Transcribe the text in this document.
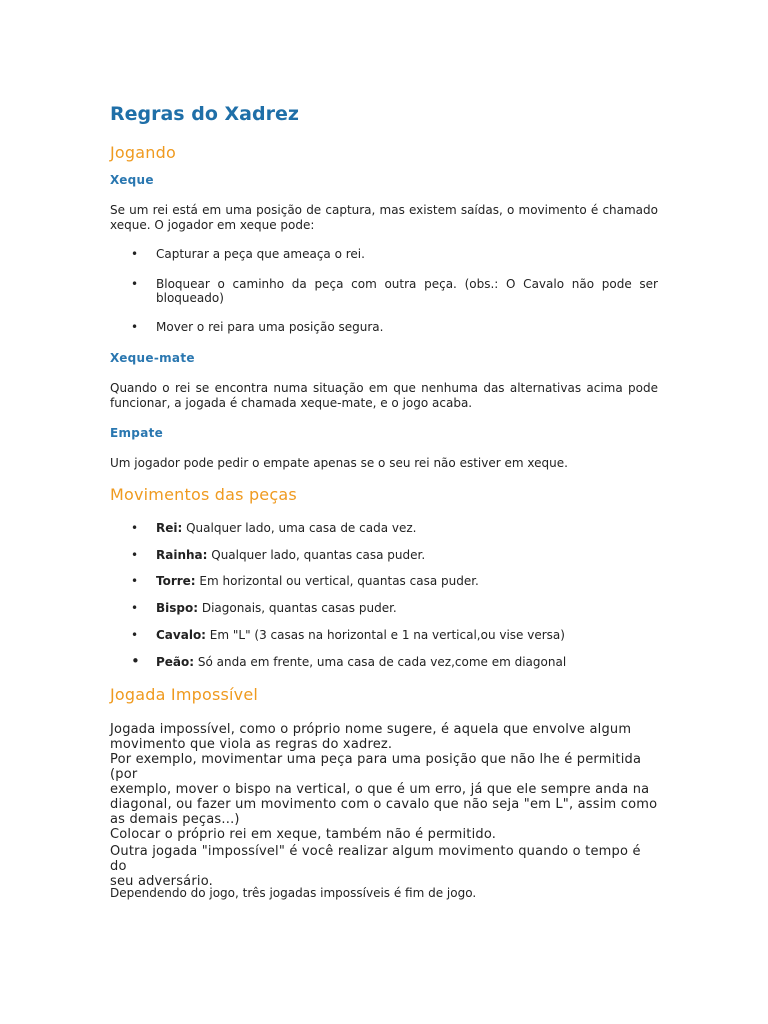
Regras do Xadrez
Jogando
Xeque

Se um rei está em uma posição de captura, mas existem saídas, o movimento é chamado xeque. O jogador em xeque pode:

• Capturar a peça que ameaça o rei.
• Bloquear o caminho da peça com outra peça. (obs.: O Cavalo não pode ser bloqueado)
• Mover o rei para uma posição segura.
Xeque-mate

Quando o rei se encontra numa situação em que nenhuma das alternativas acima pode funcionar, a jogada é chamada xeque-mate, e o jogo acaba.

Empate

Um jogador pode pedir o empate apenas se o seu rei não estiver em xeque.

Movimentos das peças
• Rei: Qualquer lado, uma casa de cada vez.
• Rainha: Qualquer lado, quantas casa puder.
• Torre: Em horizontal ou vertical, quantas casa puder.
• Bispo: Diagonais, quantas casas puder.
• Cavalo: Em "L" (3 casas na horizontal e 1 na vertical,ou vise versa)
• Peão: Só anda em frente, uma casa de cada vez,come em diagonal
Jogada Impossível

Jogada impossível, como o próprio nome sugere, é aquela que envolve algum

movimento que viola as regras do xadrez.

Por exemplo, movimentar uma peça para uma posição que não lhe é permitida (por

exemplo, mover o bispo na vertical, o que é um erro, já que ele sempre anda na

diagonal, ou fazer um movimento com o cavalo que não seja "em L", assim como

as demais peças...)

Colocar o próprio rei em xeque, também não é permitido.

Outra jogada "impossível" é você realizar algum movimento quando o tempo é do

seu adversário.

Dependendo do jogo, três jogadas impossíveis é fim de jogo.
